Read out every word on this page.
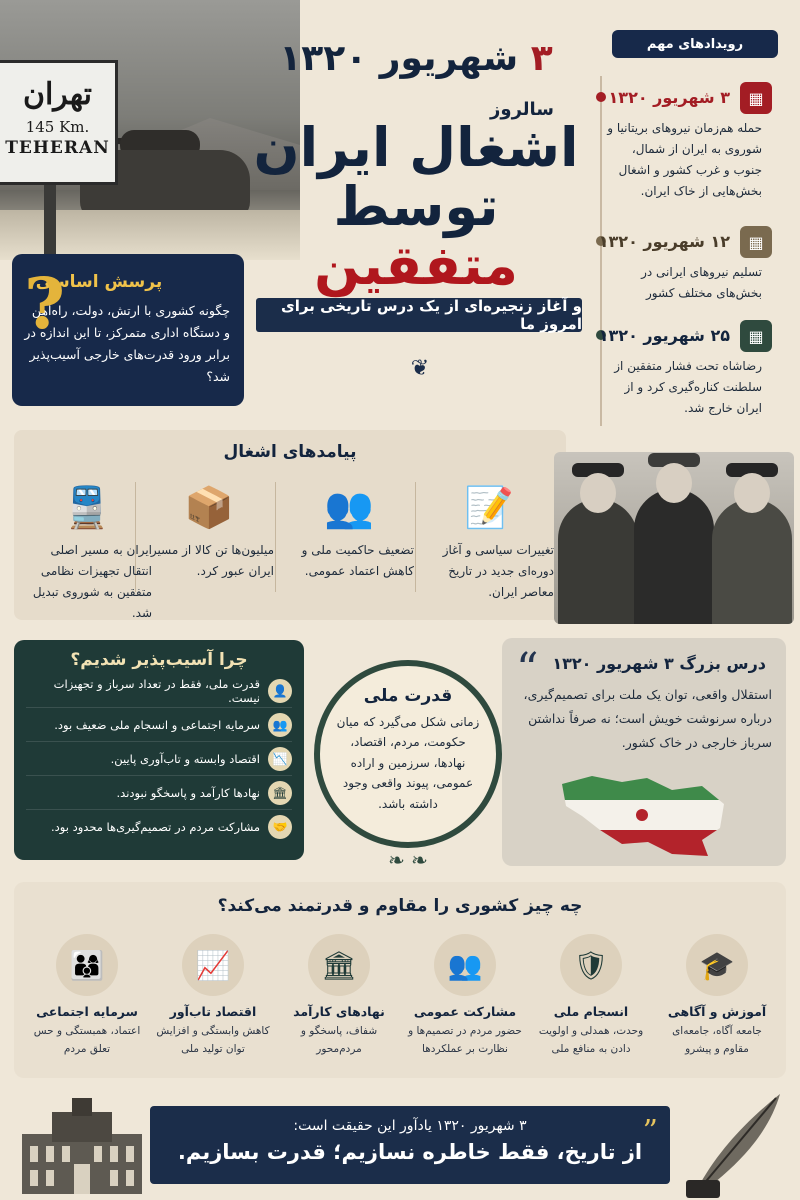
تهران
145 Km.
TEHERAN
۳ شهریور ۱۳۲۰
سالروز
اشغال ایران
توسط متفقین
و آغاز زنجیره‌ای از یک درس تاریخی برای امروز ما
❦
?
پرسش اساسی
چگونه کشوری با ارتش، دولت، راه‌آهن و دستگاه اداری متمرکز، تا این اندازه در برابر ورود قدرت‌های خارجی آسیب‌پذیر شد؟
رویدادهای مهم
▦
۳ شهریور ۱۳۲۰
حمله هم‌زمان نیروهای بریتانیا و شوروی به ایران از شمال، جنوب و غرب کشور و اشغال بخش‌هایی از خاک ایران.
▦
۱۲ شهریور ۱۳۲۰
تسلیم نیروهای ایرانی در بخش‌های مختلف کشور
▦
۲۵ شهریور ۱۳۲۰
رضاشاه تحت فشار متفقین از سلطنت کناره‌گیری کرد و از ایران خارج شد.
پیامدهای اشغال
📝
تغییرات سیاسی و آغاز دوره‌ای جدید در تاریخ معاصر ایران.
👥
تضعیف حاکمیت ملی و کاهش اعتماد عمومی.
📦
میلیون‌ها تن کالا از مسیر ایران عبور کرد.
🚆
ایران به مسیر اصلی انتقال تجهیزات نظامی متفقین به شوروی تبدیل شد.
چرا آسیب‌پذیر شدیم؟
👤
قدرت ملی، فقط در تعداد سرباز و تجهیزات نیست.
👥
سرمایه اجتماعی و انسجام ملی ضعیف بود.
📉
اقتصاد وابسته و تاب‌آوری پایین.
🏛
نهادها کارآمد و پاسخگو نبودند.
🤝
مشارکت مردم در تصمیم‌گیری‌ها محدود بود.
قدرت ملی
زمانی شکل می‌گیرد که میان حکومت، مردم، اقتصاد، نهادها، سرزمین و اراده عمومی، پیوند واقعی وجود داشته باشد.
❧ ❧
“ درس بزرگ ۳ شهریور ۱۳۲۰
استقلال واقعی، توان یک ملت برای تصمیم‌گیری، درباره سرنوشت خویش است؛ نه صرفاً نداشتن سرباز خارجی در خاک کشور.
چه چیز کشوری را مقاوم و قدرتمند می‌کند؟
🎓
آموزش و آگاهی
جامعه آگاه، جامعه‌ای مقاوم و پیشرو
🛡
انسجام ملی
وحدت، همدلی و اولویت دادن به منافع ملی
👥
مشارکت عمومی
حضور مردم در تصمیم‌ها و نظارت بر عملکردها
🏛
نهادهای کارآمد
شفاف، پاسخگو و مردم‌محور
📈
اقتصاد تاب‌آور
کاهش وابستگی و افزایش توان تولید ملی
👨‍👩‍👦
سرمایه اجتماعی
اعتماد، همبستگی و حس تعلق مردم
”
۳ شهریور ۱۳۲۰ یادآور این حقیقت است:
از تاریخ، فقط خاطره نسازیم؛ قدرت بسازیم.
